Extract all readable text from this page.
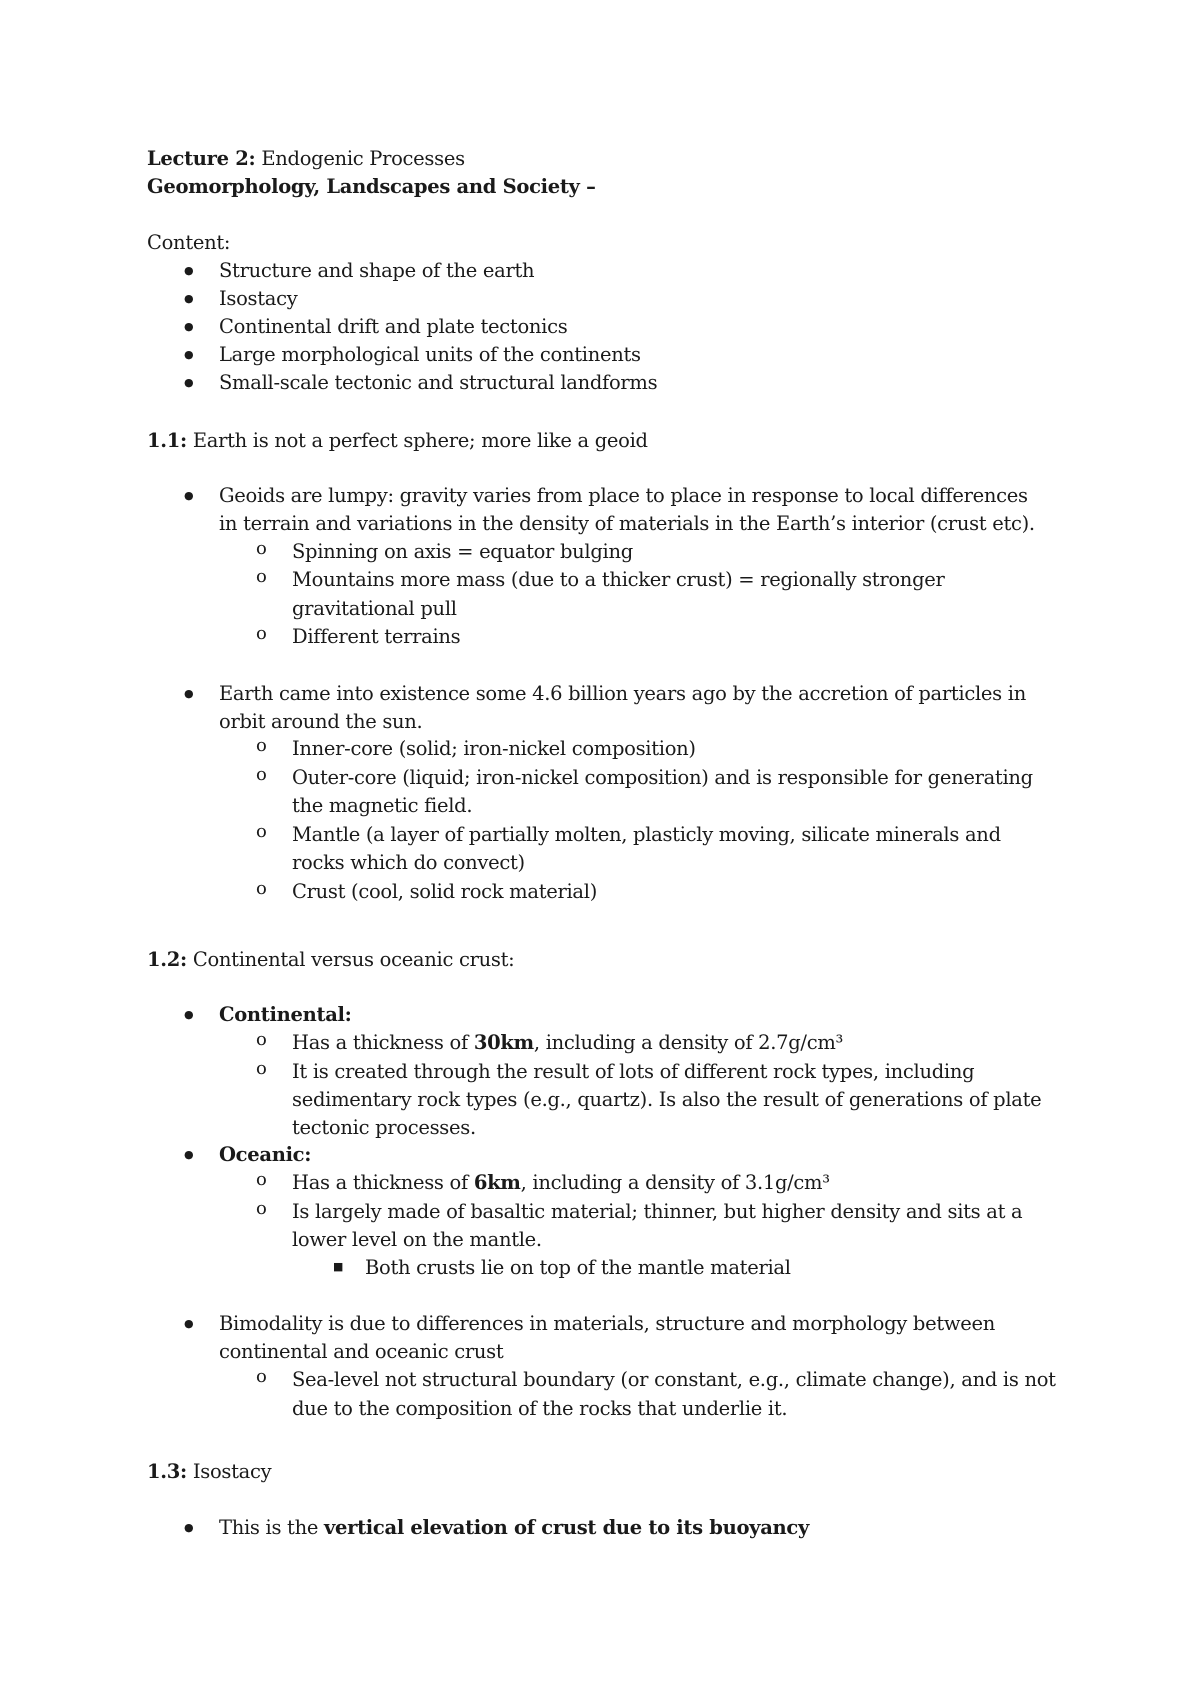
Lecture 2: Endogenic Processes
Geomorphology, Landscapes and Society –
Content:
● Structure and shape of the earth
● Isostacy
● Continental drift and plate tectonics
● Large morphological units of the continents
● Small-scale tectonic and structural landforms
1.1: Earth is not a perfect sphere; more like a geoid
● Geoids are lumpy: gravity varies from place to place in response to local differences
in terrain and variations in the density of materials in the Earth’s interior (crust etc).
o Spinning on axis = equator bulging
o Mountains more mass (due to a thicker crust) = regionally stronger
gravitational pull
o Different terrains
● Earth came into existence some 4.6 billion years ago by the accretion of particles in
orbit around the sun.
o Inner-core (solid; iron-nickel composition)
o Outer-core (liquid; iron-nickel composition) and is responsible for generating
the magnetic field.
o Mantle (a layer of partially molten, plasticly moving, silicate minerals and
rocks which do convect)
o Crust (cool, solid rock material)
1.2: Continental versus oceanic crust:
● Continental:
o Has a thickness of 30km, including a density of 2.7g/cm³
o It is created through the result of lots of different rock types, including
sedimentary rock types (e.g., quartz). Is also the result of generations of plate
tectonic processes.
● Oceanic:
o Has a thickness of 6km, including a density of 3.1g/cm³
o Is largely made of basaltic material; thinner, but higher density and sits at a
lower level on the mantle.
■ Both crusts lie on top of the mantle material
● Bimodality is due to differences in materials, structure and morphology between
continental and oceanic crust
o Sea-level not structural boundary (or constant, e.g., climate change), and is not
due to the composition of the rocks that underlie it.
1.3: Isostacy
● This is the vertical elevation of crust due to its buoyancy
